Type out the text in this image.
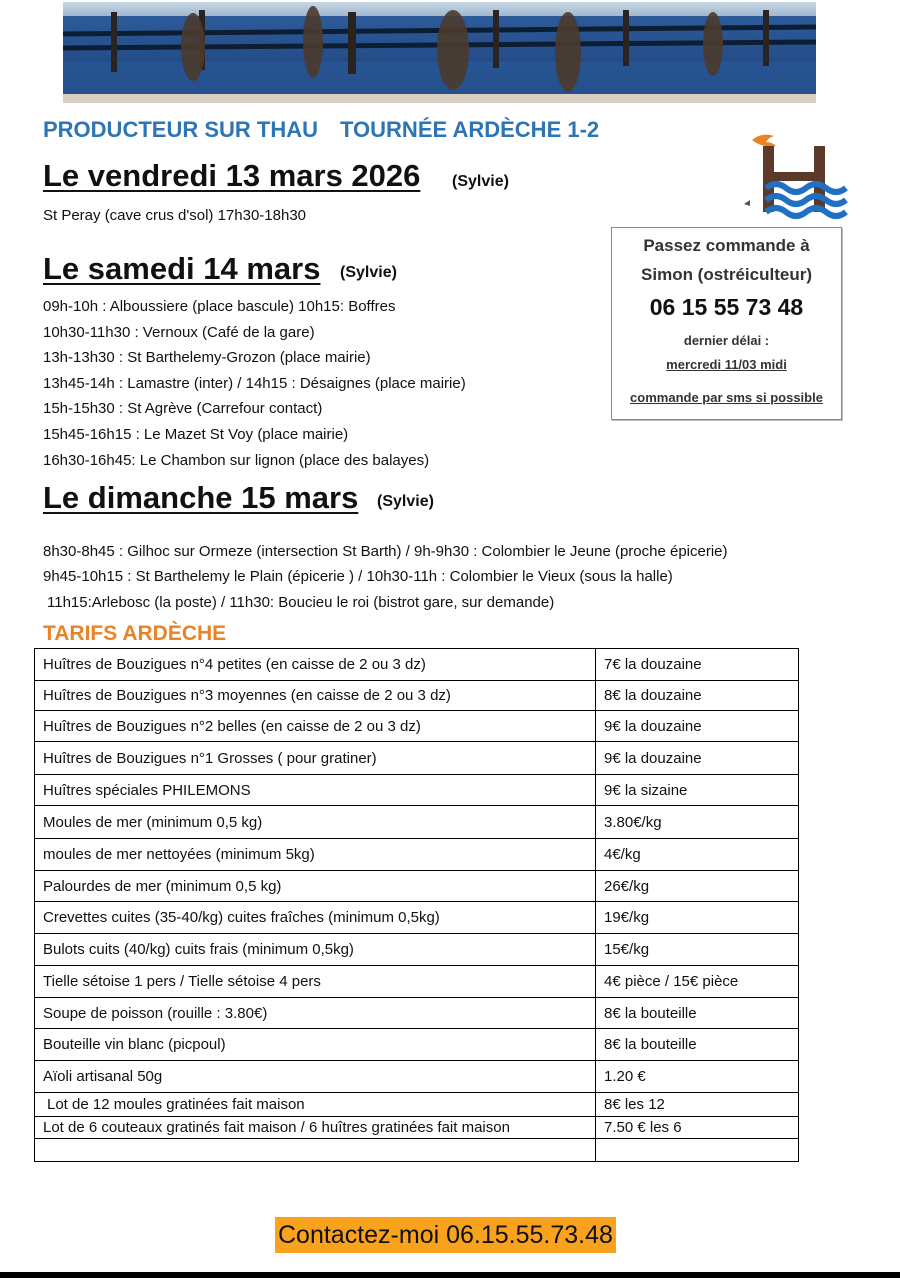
PRODUCTEUR SUR THAU TOURNÉE ARDÈCHE 1-2
Le vendredi 13 mars 2026 (Sylvie)
St Peray (cave crus d'sol) 17h30-18h30
Passez commande à
Simon (ostréiculteur)
06 15 55 73 48
dernier délai :
mercredi 11/03 midi
commande par sms si possible
Le samedi 14 mars (Sylvie)
09h-10h : Alboussiere (place bascule) 10h15: Boffres
10h30-11h30 : Vernoux (Café de la gare)
13h-13h30 : St Barthelemy-Grozon (place mairie)
13h45-14h : Lamastre (inter) / 14h15 : Désaignes (place mairie)
15h-15h30 : St Agrève (Carrefour contact)
15h45-16h15 : Le Mazet St Voy (place mairie)
16h30-16h45: Le Chambon sur lignon (place des balayes)
Le dimanche 15 mars (Sylvie)
8h30-8h45 : Gilhoc sur Ormeze (intersection St Barth) / 9h-9h30 : Colombier le Jeune (proche épicerie)
9h45-10h15 : St Barthelemy le Plain (épicerie ) / 10h30-11h : Colombier le Vieux (sous la halle)
11h15:Arlebosc (la poste) / 11h30: Boucieu le roi (bistrot gare, sur demande)
TARIFS ARDÈCHE
Huîtres de Bouzigues n°4 petites (en caisse de 2 ou 3 dz)	7€ la douzaine
Huîtres de Bouzigues n°3 moyennes (en caisse de 2 ou 3 dz)	8€ la douzaine
Huîtres de Bouzigues n°2 belles (en caisse de 2 ou 3 dz)	9€ la douzaine
Huîtres de Bouzigues n°1 Grosses ( pour gratiner)	9€ la douzaine
Huîtres spéciales PHILEMONS	9€ la sizaine
Moules de mer (minimum 0,5 kg)	3.80€/kg
moules de mer nettoyées (minimum 5kg)	4€/kg
Palourdes de mer (minimum 0,5 kg)	26€/kg
Crevettes cuites (35-40/kg) cuites fraîches (minimum 0,5kg)	19€/kg
Bulots cuits (40/kg) cuits frais (minimum 0,5kg)	15€/kg
Tielle sétoise 1 pers / Tielle sétoise 4 pers	4€ pièce / 15€ pièce
Soupe de poisson (rouille : 3.80€)	8€ la bouteille
Bouteille vin blanc (picpoul)	8€ la bouteille
Aïoli artisanal 50g	1.20 €
Lot de 12 moules gratinées fait maison	8€ les 12
Lot de 6 couteaux gratinés fait maison / 6 huîtres gratinées fait maison	7.50 € les 6

Contactez-moi 06.15.55.73.48
